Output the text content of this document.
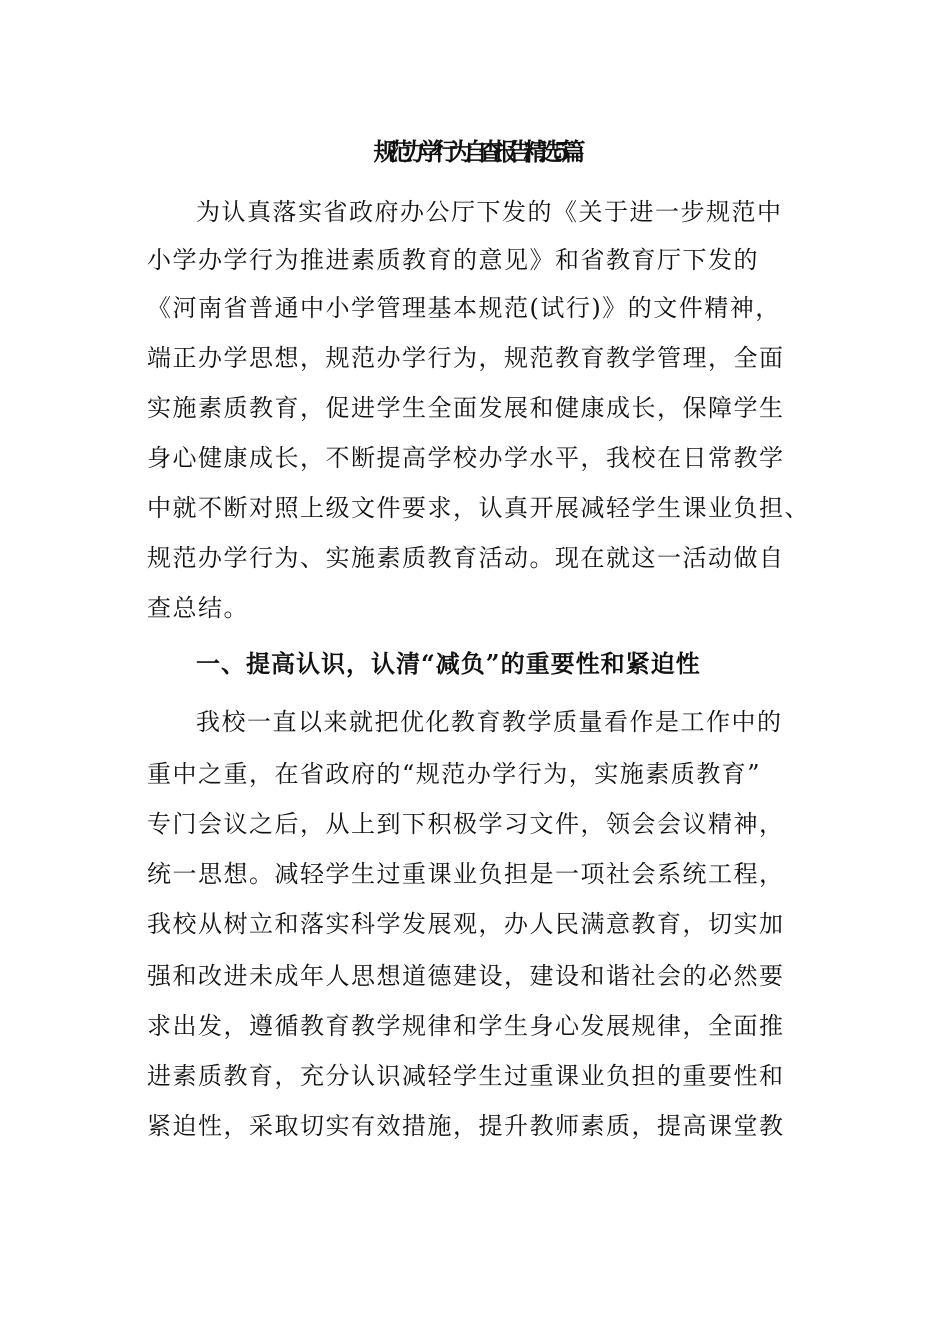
规范办学行为自查报告精选5篇
为认真落实省政府办公厅下发的《关于进一步规范中
小学办学行为推进素质教育的意见》和省教育厅下发的
《河南省普通中小学管理基本规范(试行)》的文件精神，
端正办学思想，规范办学行为，规范教育教学管理，全面
实施素质教育，促进学生全面发展和健康成长，保障学生
身心健康成长，不断提高学校办学水平，我校在日常教学
中就不断对照上级文件要求，认真开展减轻学生课业负担、
规范办学行为、实施素质教育活动。现在就这一活动做自
查总结。
一、提高认识，认清“减负”的重要性和紧迫性
我校一直以来就把优化教育教学质量看作是工作中的
重中之重，在省政府的“规范办学行为，实施素质教育”
专门会议之后，从上到下积极学习文件，领会会议精神，
统一思想。减轻学生过重课业负担是一项社会系统工程，
我校从树立和落实科学发展观，办人民满意教育，切实加
强和改进未成年人思想道德建设，建设和谐社会的必然要
求出发，遵循教育教学规律和学生身心发展规律，全面推
进素质教育，充分认识减轻学生过重课业负担的重要性和
紧迫性，采取切实有效措施，提升教师素质，提高课堂教
